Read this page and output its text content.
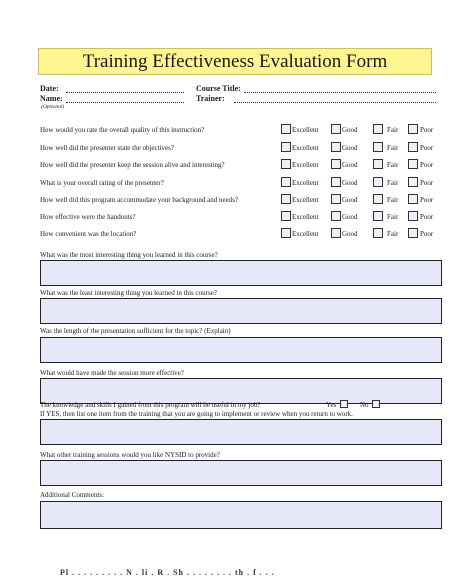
Training Effectiveness Evaluation Form
Date:
Name:
(Optional)
Course Title:
Trainer:
How would you rate the overall quality of this instruction?	Excellent	Good	Fair	Poor
How well did the presenter state the objectives?	Excellent	Good	Fair	Poor
How well did the presenter keep the session alive and interesting?	Excellent	Good	Fair	Poor
What is your overall rating of the presenter?	Excellent	Good	Fair	Poor
How well did this program accommodate your background and needs?	Excellent	Good	Fair	Poor
How effective were the handouts?	Excellent	Good	Fair	Poor
How convenient was the location?	Excellent	Good	Fair	Poor
What was the most interesting thing you learned in this course?
What was the least interesting thing you learned in this course?
Was the length of the presentation sufficient for the topic? (Explain)
What would have made the session more effective?
The knowledge and skills I gained from this program will be useful in my job?	Yes	No
If YES, then list one item from the training that you are going to implement or review when you return to work.
What other training sessions would you like NYSID to provide?
Additional Comments:
Pl . . . . . . . . . N . li . R . Sh . . . . . . . . th . f . . .
